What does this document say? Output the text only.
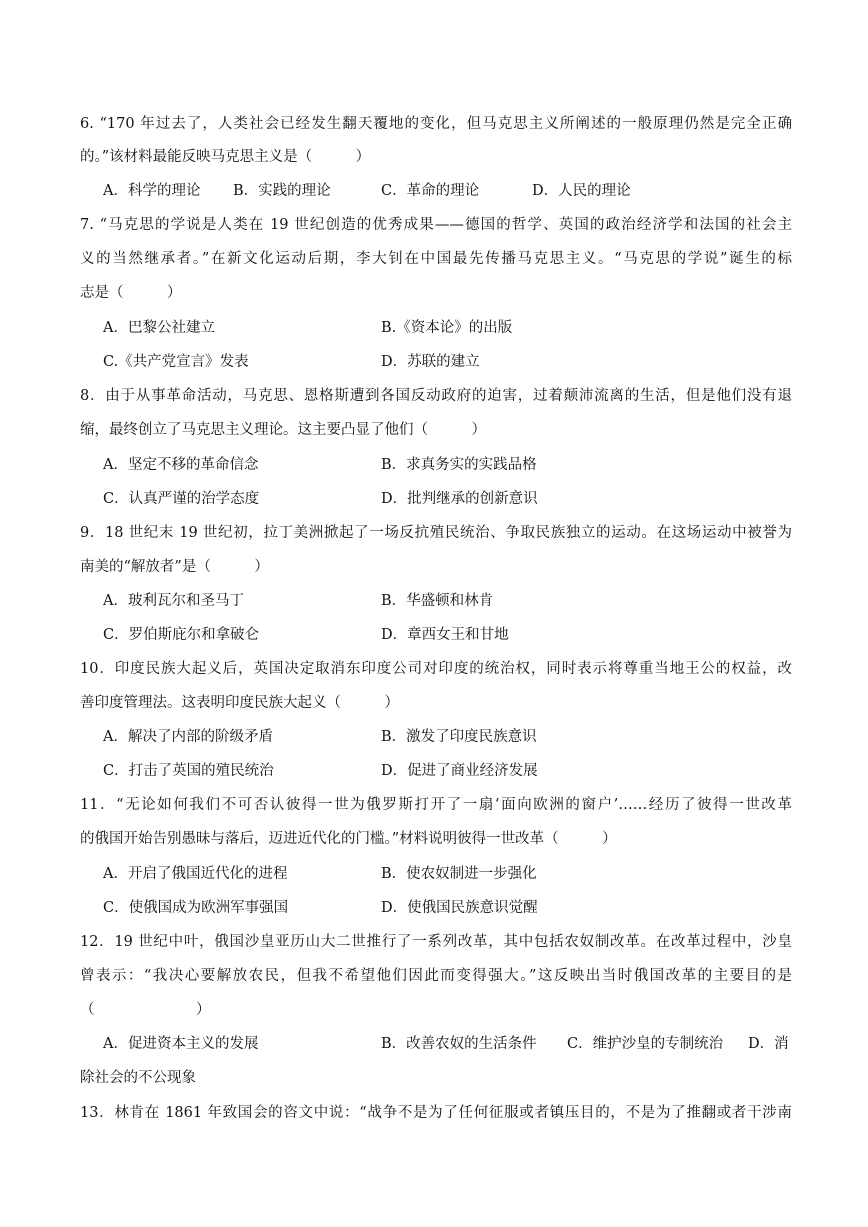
6. “170 年过去了，人类社会已经发生翻天覆地的变化，但马克思主义所阐述的一般原理仍然是完全正确
的。”该材料最能反映马克思主义是（　　　）
A．科学的理论 B．实践的理论	C．革命的理论	D．人民的理论
7. “马克思的学说是人类在 19 世纪创造的优秀成果——德国的哲学、英国的政治经济学和法国的社会主
义的当然继承者。”在新文化运动后期，李大钊在中国最先传播马克思主义。“马克思的学说”诞生的标
志是（　　　）
A．巴黎公社建立	B.《资本论》的出版
C.《共产党宣言》发表	D．苏联的建立
8．由于从事革命活动，马克思、恩格斯遭到各国反动政府的迫害，过着颠沛流离的生活，但是他们没有退
缩，最终创立了马克思主义理论。这主要凸显了他们（　　　）
A．坚定不移的革命信念	B．求真务实的实践品格
C．认真严谨的治学态度	D．批判继承的创新意识
9．18 世纪末 19 世纪初，拉丁美洲掀起了一场反抗殖民统治、争取民族独立的运动。在这场运动中被誉为
南美的“解放者”是（　　　）
A．玻利瓦尔和圣马丁	B．华盛顿和林肯
C．罗伯斯庇尔和拿破仑	D．章西女王和甘地
10．印度民族大起义后，英国决定取消东印度公司对印度的统治权，同时表示将尊重当地王公的权益，改
善印度管理法。这表明印度民族大起义（　　　）
A．解决了内部的阶级矛盾	B．激发了印度民族意识
C．打击了英国的殖民统治	D．促进了商业经济发展
11．“无论如何我们不可否认彼得一世为俄罗斯打开了一扇‘面向欧洲的窗户’……经历了彼得一世改革
的俄国开始告别愚昧与落后，迈进近代化的门槛。”材料说明彼得一世改革（　　　）
A．开启了俄国近代化的进程	B．使农奴制进一步强化
C．使俄国成为欧洲军事强国	D．使俄国民族意识觉醒
12．19 世纪中叶，俄国沙皇亚历山大二世推行了一系列改革，其中包括农奴制改革。在改革过程中，沙皇
曾表示：“我决心要解放农民，但我不希望他们因此而变得强大。”这反映出当时俄国改革的主要目的是
（　　　　　　　）
A．促进资本主义的发展	B．改善农奴的生活条件 C．维护沙皇的专制统治 D．消
除社会的不公现象
13．林肯在 1861 年致国会的咨文中说：“战争不是为了任何征服或者镇压目的，不是为了推翻或者干涉南
